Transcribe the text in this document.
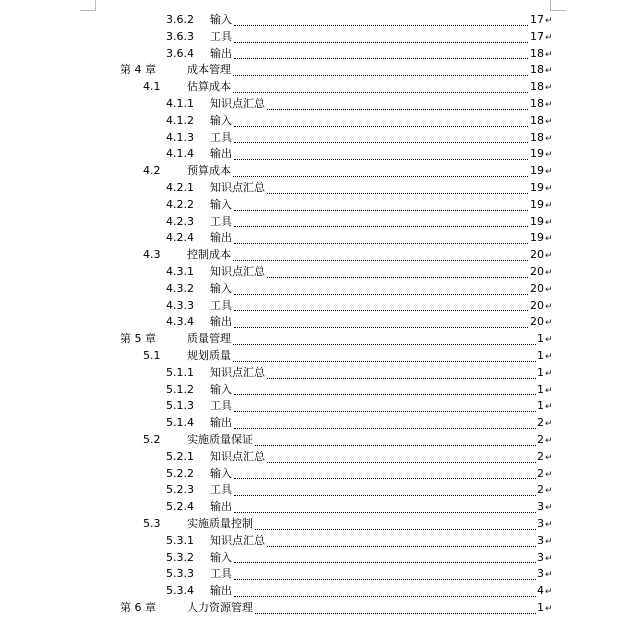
3.6.2 输入	17 ↵
3.6.3 工具	17 ↵
3.6.4 输出	18 ↵
第 4 章	成本管理	18 ↵
4.1 估算成本	18 ↵
4.1.1 知识点汇总	18 ↵
4.1.2 输入	18 ↵
4.1.3 工具	18 ↵
4.1.4 输出	19 ↵
4.2 预算成本	19 ↵
4.2.1 知识点汇总	19 ↵
4.2.2 输入	19 ↵
4.2.3 工具	19 ↵
4.2.4 输出	19 ↵
4.3 控制成本	20 ↵
4.3.1 知识点汇总	20 ↵
4.3.2 输入	20 ↵
4.3.3 工具	20 ↵
4.3.4 输出	20 ↵
第 5 章	质量管理	1 ↵
5.1 规划质量	1 ↵
5.1.1 知识点汇总	1 ↵
5.1.2 输入	1 ↵
5.1.3 工具	1 ↵
5.1.4 输出	2 ↵
5.2 实施质量保证	2 ↵
5.2.1 知识点汇总	2 ↵
5.2.2 输入	2 ↵
5.2.3 工具	2 ↵
5.2.4 输出	3 ↵
5.3 实施质量控制	3 ↵
5.3.1 知识点汇总	3 ↵
5.3.2 输入	3 ↵
5.3.3 工具	3 ↵
5.3.4 输出	4 ↵
第 6 章	人力资源管理	1 ↵
